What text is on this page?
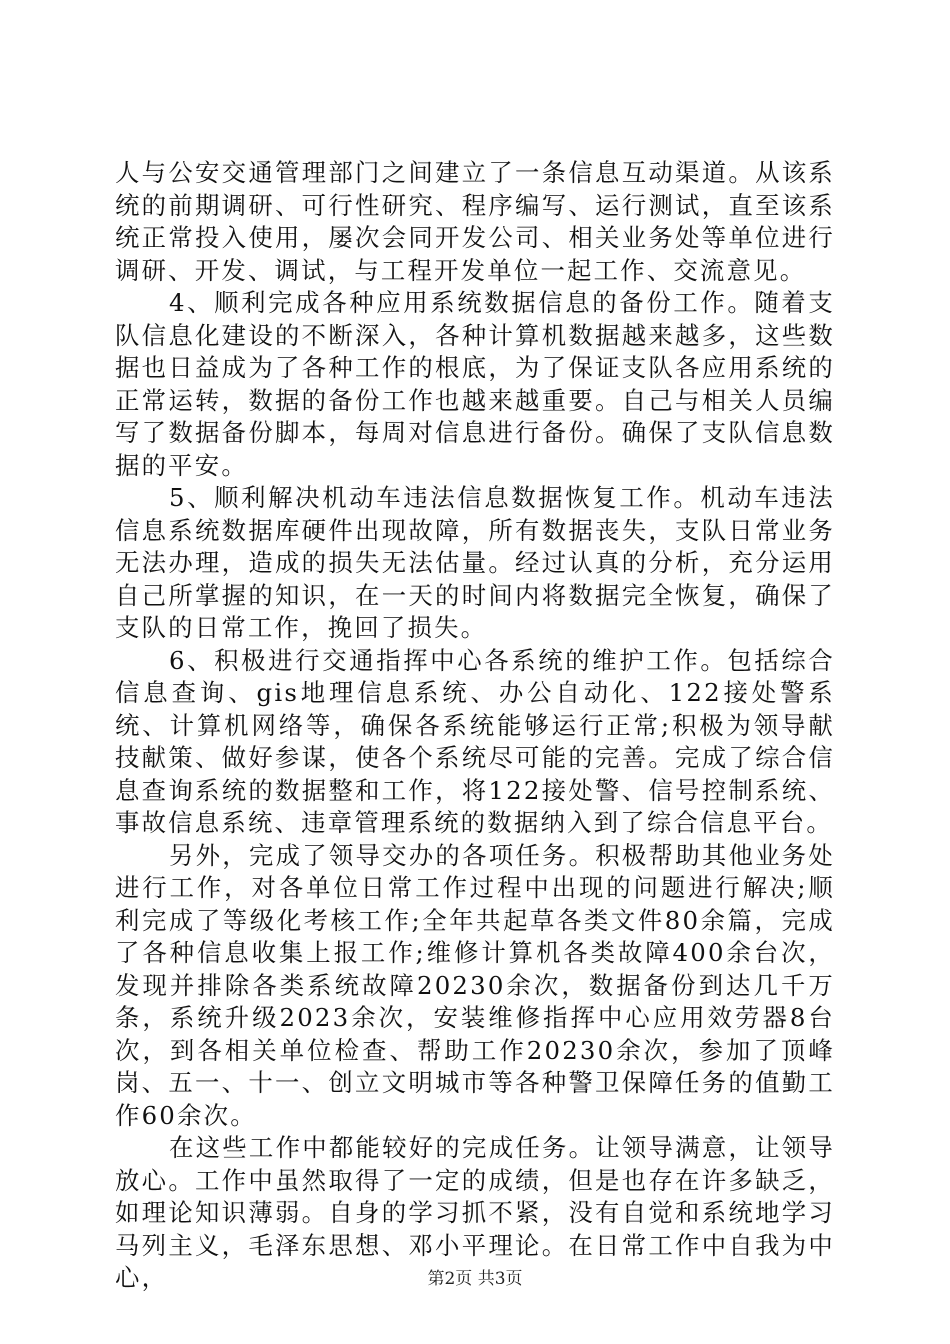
人与公安交通管理部门之间建立了一条信息互动渠道。从该系统的前期调研、可行性研究、程序编写、运行测试，直至该系统正常投入使用，屡次会同开发公司、相关业务处等单位进行调研、开发、调试，与工程开发单位一起工作、交流意见。

4、顺利完成各种应用系统数据信息的备份工作。随着支队信息化建设的不断深入，各种计算机数据越来越多，这些数据也日益成为了各种工作的根底，为了保证支队各应用系统的正常运转，数据的备份工作也越来越重要。自己与相关人员编写了数据备份脚本，每周对信息进行备份。确保了支队信息数据的平安。

5、顺利解决机动车违法信息数据恢复工作。机动车违法信息系统数据库硬件出现故障，所有数据丧失，支队日常业务无法办理，造成的损失无法估量。经过认真的分析，充分运用自己所掌握的知识，在一天的时间内将数据完全恢复，确保了支队的日常工作，挽回了损失。

6、积极进行交通指挥中心各系统的维护工作。包括综合信息查询、gis地理信息系统、办公自动化、122接处警系统、计算机网络等，确保各系统能够运行正常;积极为领导献技献策、做好参谋，使各个系统尽可能的完善。完成了综合信息查询系统的数据整和工作，将122接处警、信号控制系统、事故信息系统、违章管理系统的数据纳入到了综合信息平台。

另外，完成了领导交办的各项任务。积极帮助其他业务处进行工作，对各单位日常工作过程中出现的问题进行解决;顺利完成了等级化考核工作;全年共起草各类文件80余篇，完成了各种信息收集上报工作;维修计算机各类故障400余台次，发现并排除各类系统故障20230余次，数据备份到达几千万条，系统升级2023余次，安装维修指挥中心应用效劳器8台次，到各相关单位检查、帮助工作20230余次，参加了顶峰岗、五一、十一、创立文明城市等各种警卫保障任务的值勤工作60余次。

在这些工作中都能较好的完成任务。让领导满意，让领导放心。工作中虽然取得了一定的成绩，但是也存在许多缺乏，如理论知识薄弱。自身的学习抓不紧，没有自觉和系统地学习马列主义，毛泽东思想、邓小平理论。在日常工作中自我为中心，	第2页 共3页
